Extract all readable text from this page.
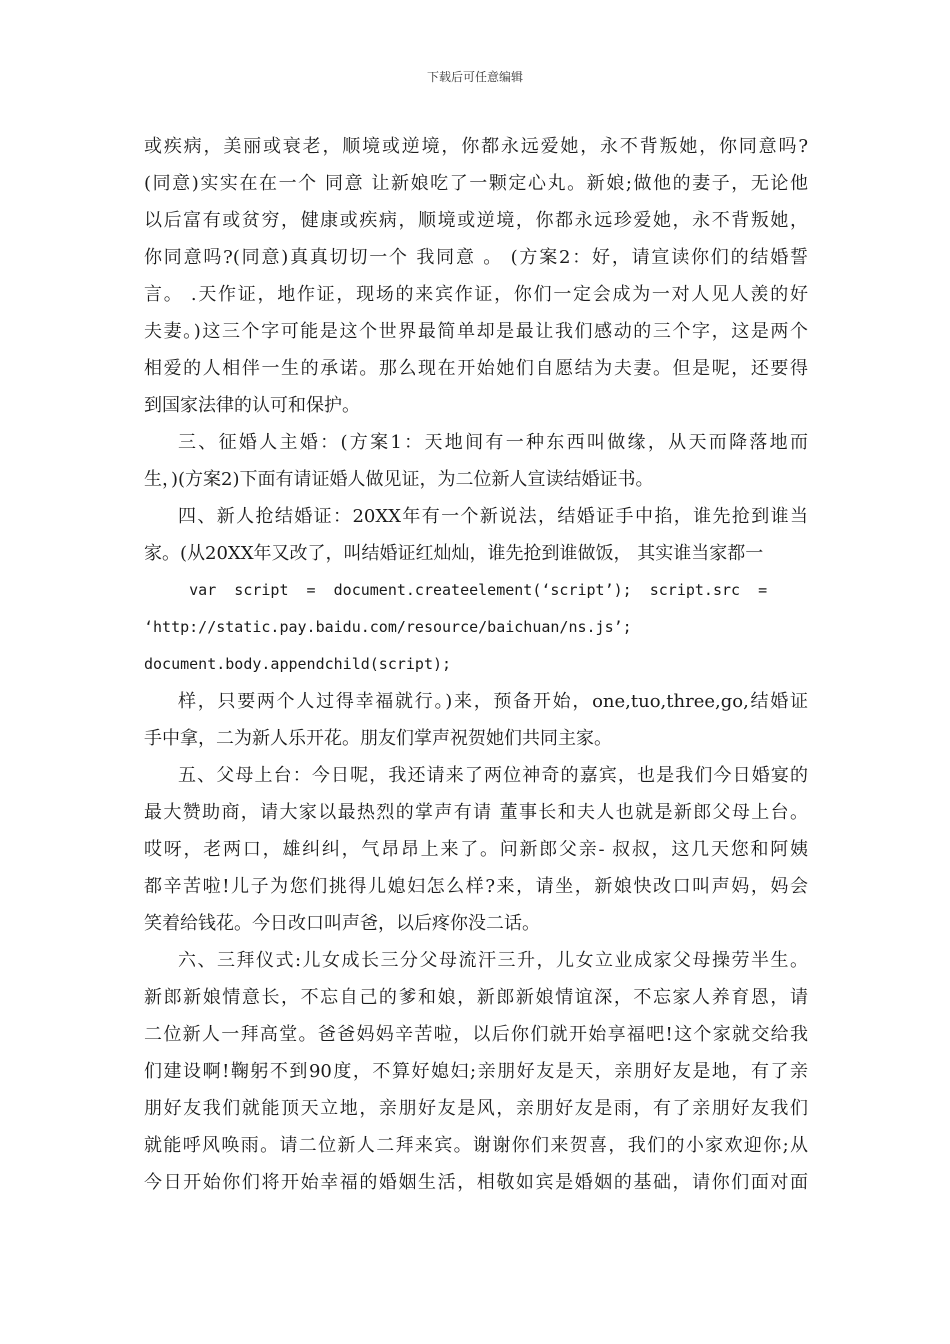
下载后可任意编辑
或疾病，美丽或衰老，顺境或逆境，你都永远爱她，永不背叛她，你同意吗?
(同意)实实在在一个 同意 让新娘吃了一颗定心丸。新娘;做他的妻子，无论他
以后富有或贫穷，健康或疾病，顺境或逆境，你都永远珍爱她，永不背叛她，
你同意吗?(同意)真真切切一个 我同意 。 (方案2：好，请宣读你们的结婚誓
言。 .天作证，地作证，现场的来宾作证，你们一定会成为一对人见人羡的好
夫妻。)这三个字可能是这个世界最简单却是最让我们感动的三个字，这是两个
相爱的人相伴一生的承诺。那么现在开始她们自愿结为夫妻。但是呢，还要得
到国家法律的认可和保护。
三、征婚人主婚：(方案1：天地间有一种东西叫做缘，从天而降落地而
生，)(方案2)下面有请证婚人做见证，为二位新人宣读结婚证书。
四、新人抢结婚证：20XX年有一个新说法，结婚证手中掐，谁先抢到谁当
家。(从20XX年又改了，叫结婚证红灿灿，谁先抢到谁做饭， 其实谁当家都一
var  script  =  document.createelement(‘script’);  script.src  =
‘http://static.pay.baidu.com/resource/baichuan/ns.js’;
document.body.appendchild(script);
样，只要两个人过得幸福就行。)来，预备开始，one,tuo,three,go,结婚证
手中拿，二为新人乐开花。朋友们掌声祝贺她们共同主家。
五、父母上台：今日呢，我还请来了两位神奇的嘉宾，也是我们今日婚宴的
最大赞助商，请大家以最热烈的掌声有请 董事长和夫人也就是新郎父母上台。
哎呀，老两口，雄纠纠，气昂昂上来了。问新郎父亲- 叔叔，这几天您和阿姨
都辛苦啦!儿子为您们挑得儿媳妇怎么样?来，请坐，新娘快改口叫声妈，妈会
笑着给钱花。今日改口叫声爸，以后疼你没二话。
六、三拜仪式:儿女成长三分父母流汗三升，儿女立业成家父母操劳半生。
新郎新娘情意长，不忘自己的爹和娘，新郎新娘情谊深，不忘家人养育恩，请
二位新人一拜高堂。爸爸妈妈辛苦啦，以后你们就开始享福吧!这个家就交给我
们建设啊!鞠躬不到90度，不算好媳妇;亲朋好友是天，亲朋好友是地，有了亲
朋好友我们就能顶天立地，亲朋好友是风，亲朋好友是雨，有了亲朋好友我们
就能呼风唤雨。请二位新人二拜来宾。谢谢你们来贺喜，我们的小家欢迎你;从
今日开始你们将开始幸福的婚姻生活，相敬如宾是婚姻的基础，请你们面对面
